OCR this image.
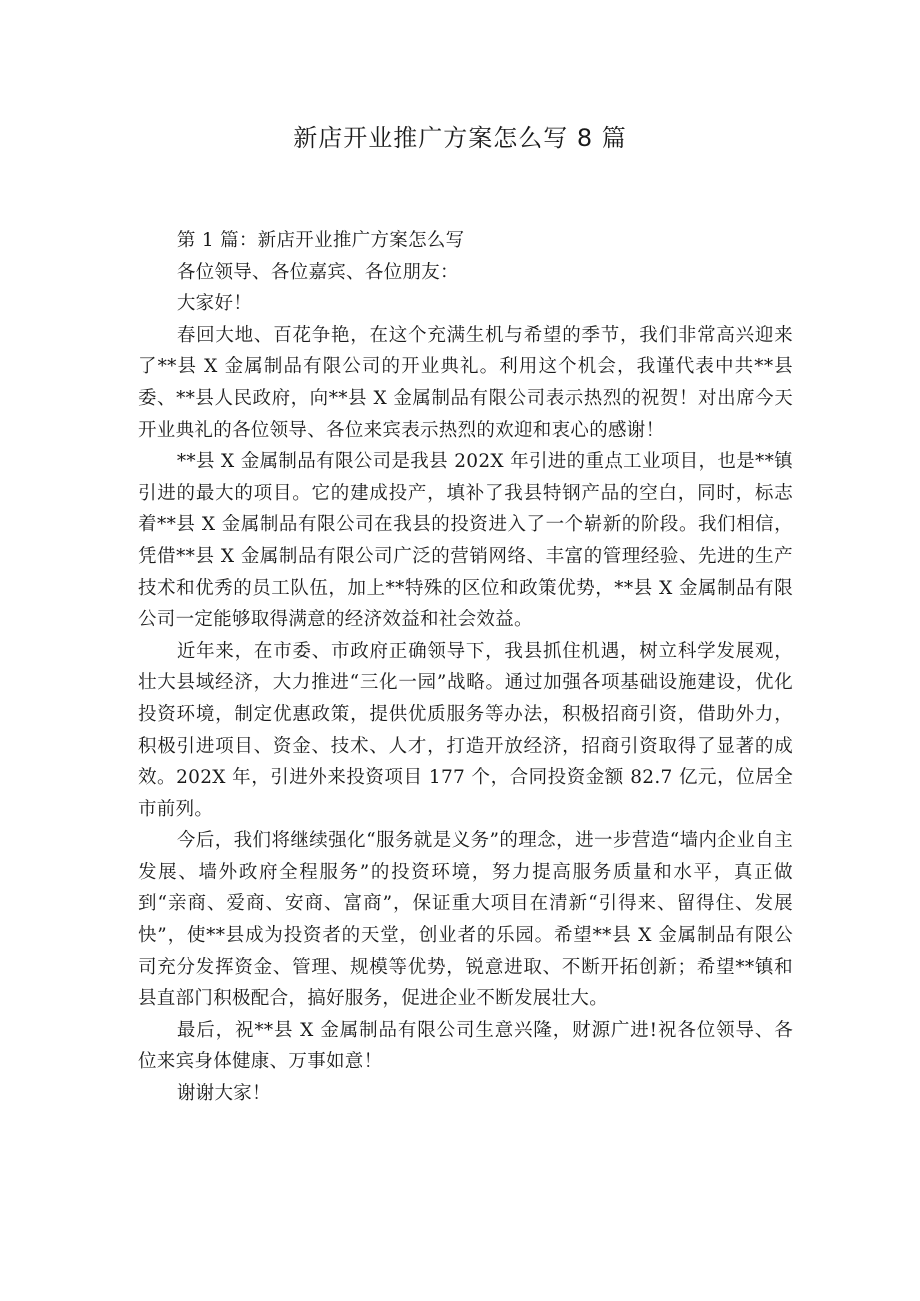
新店开业推广方案怎么写 8 篇

第 1 篇：新店开业推广方案怎么写

各位领导、各位嘉宾、各位朋友：

大家好！

春回大地、百花争艳，在这个充满生机与希望的季节，我们非常高兴迎来了**县 X 金属制品有限公司的开业典礼。利用这个机会，我谨代表中共**县委、**县人民政府，向**县 X 金属制品有限公司表示热烈的祝贺！对出席今天开业典礼的各位领导、各位来宾表示热烈的欢迎和衷心的感谢！

**县 X 金属制品有限公司是我县 202X 年引进的重点工业项目，也是**镇引进的最大的项目。它的建成投产，填补了我县特钢产品的空白，同时，标志着**县 X 金属制品有限公司在我县的投资进入了一个崭新的阶段。我们相信，凭借**县 X 金属制品有限公司广泛的营销网络、丰富的管理经验、先进的生产技术和优秀的员工队伍，加上**特殊的区位和政策优势，**县 X 金属制品有限公司一定能够取得满意的经济效益和社会效益。

近年来，在市委、市政府正确领导下，我县抓住机遇，树立科学发展观，壮大县域经济，大力推进“三化一园”战略。通过加强各项基础设施建设，优化投资环境，制定优惠政策，提供优质服务等办法，积极招商引资，借助外力，积极引进项目、资金、技术、人才，打造开放经济，招商引资取得了显著的成效。202X 年，引进外来投资项目 177 个，合同投资金额 82.7 亿元，位居全市前列。

今后，我们将继续强化“服务就是义务”的理念，进一步营造“墙内企业自主发展、墙外政府全程服务”的投资环境，努力提高服务质量和水平，真正做到“亲商、爱商、安商、富商”，保证重大项目在清新“引得来、留得住、发展快”，使**县成为投资者的天堂，创业者的乐园。希望**县 X 金属制品有限公司充分发挥资金、管理、规模等优势，锐意进取、不断开拓创新；希望**镇和县直部门积极配合，搞好服务，促进企业不断发展壮大。

最后，祝**县 X 金属制品有限公司生意兴隆，财源广进!祝各位领导、各位来宾身体健康、万事如意！

谢谢大家！
